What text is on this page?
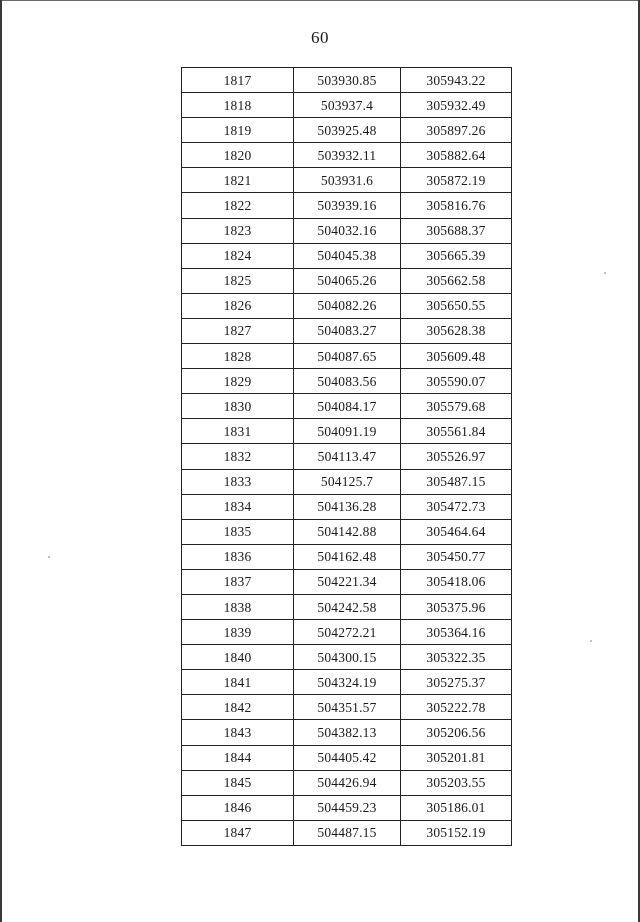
60
1817	503930.85	305943.22
1818	503937.4	305932.49
1819	503925.48	305897.26
1820	503932.11	305882.64
1821	503931.6	305872.19
1822	503939.16	305816.76
1823	504032.16	305688.37
1824	504045.38	305665.39
1825	504065.26	305662.58
1826	504082.26	305650.55
1827	504083.27	305628.38
1828	504087.65	305609.48
1829	504083.56	305590.07
1830	504084.17	305579.68
1831	504091.19	305561.84
1832	504113.47	305526.97
1833	504125.7	305487.15
1834	504136.28	305472.73
1835	504142.88	305464.64
1836	504162.48	305450.77
1837	504221.34	305418.06
1838	504242.58	305375.96
1839	504272.21	305364.16
1840	504300.15	305322.35
1841	504324.19	305275.37
1842	504351.57	305222.78
1843	504382.13	305206.56
1844	504405.42	305201.81
1845	504426.94	305203.55
1846	504459.23	305186.01
1847	504487.15	305152.19
